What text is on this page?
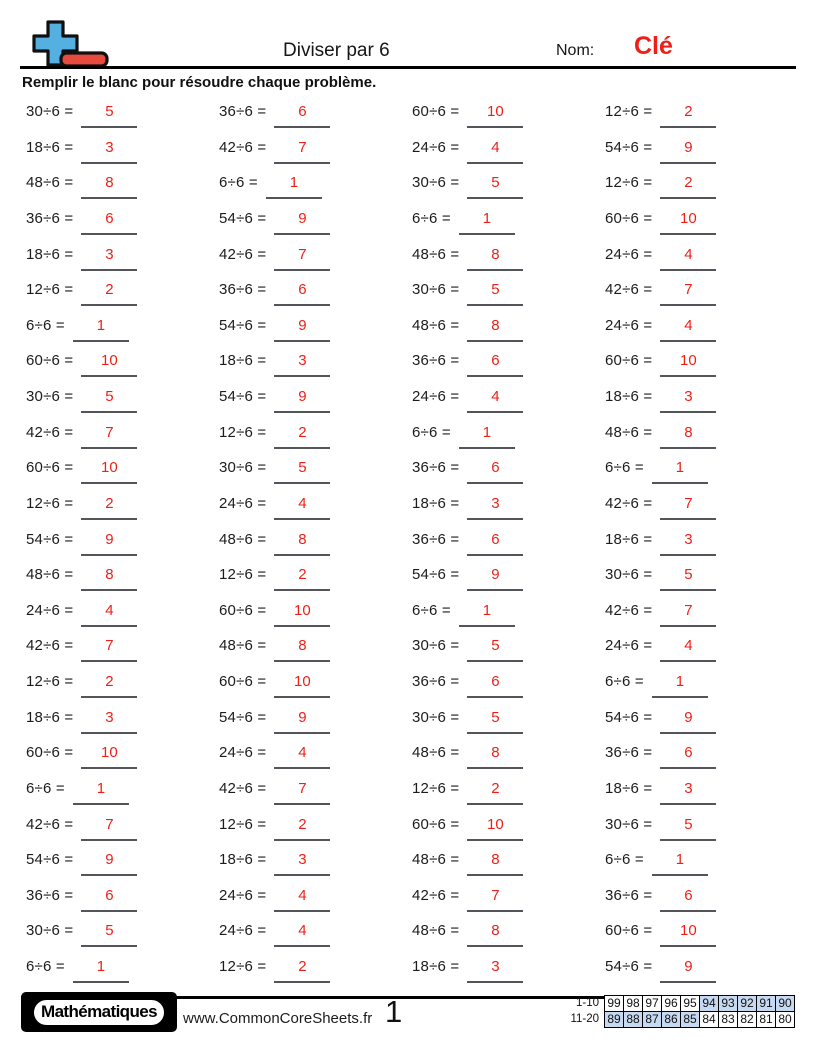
Diviser par 6	Nom: Clé
Remplir le blanc pour résoudre chaque problème.
30÷6 = 5	36÷6 = 6	60÷6 = 10	12÷6 = 2
18÷6 = 3	42÷6 = 7	24÷6 = 4	54÷6 = 9
48÷6 = 8	6÷6 = 1	30÷6 = 5	12÷6 = 2
36÷6 = 6	54÷6 = 9	6÷6 = 1	60÷6 = 10
18÷6 = 3	42÷6 = 7	48÷6 = 8	24÷6 = 4
12÷6 = 2	36÷6 = 6	30÷6 = 5	42÷6 = 7
6÷6 = 1	54÷6 = 9	48÷6 = 8	24÷6 = 4
60÷6 = 10	18÷6 = 3	36÷6 = 6	60÷6 = 10
30÷6 = 5	54÷6 = 9	24÷6 = 4	18÷6 = 3
42÷6 = 7	12÷6 = 2	6÷6 = 1	48÷6 = 8
60÷6 = 10	30÷6 = 5	36÷6 = 6	6÷6 = 1
12÷6 = 2	24÷6 = 4	18÷6 = 3	42÷6 = 7
54÷6 = 9	48÷6 = 8	36÷6 = 6	18÷6 = 3
48÷6 = 8	12÷6 = 2	54÷6 = 9	30÷6 = 5
24÷6 = 4	60÷6 = 10	6÷6 = 1	42÷6 = 7
42÷6 = 7	48÷6 = 8	30÷6 = 5	24÷6 = 4
12÷6 = 2	60÷6 = 10	36÷6 = 6	6÷6 = 1
18÷6 = 3	54÷6 = 9	30÷6 = 5	54÷6 = 9
60÷6 = 10	24÷6 = 4	48÷6 = 8	36÷6 = 6
6÷6 = 1	42÷6 = 7	12÷6 = 2	18÷6 = 3
42÷6 = 7	12÷6 = 2	60÷6 = 10	30÷6 = 5
54÷6 = 9	18÷6 = 3	48÷6 = 8	6÷6 = 1
36÷6 = 6	24÷6 = 4	42÷6 = 7	36÷6 = 6
30÷6 = 5	24÷6 = 4	48÷6 = 8	60÷6 = 10
6÷6 = 1	12÷6 = 2	18÷6 = 3	54÷6 = 9
Mathématiques	www.CommonCoreSheets.fr 1	1-10 99 98 97 96 95 94 93 92 91 90
11-20 89 88 87 86 85 84 83 82 81 80
